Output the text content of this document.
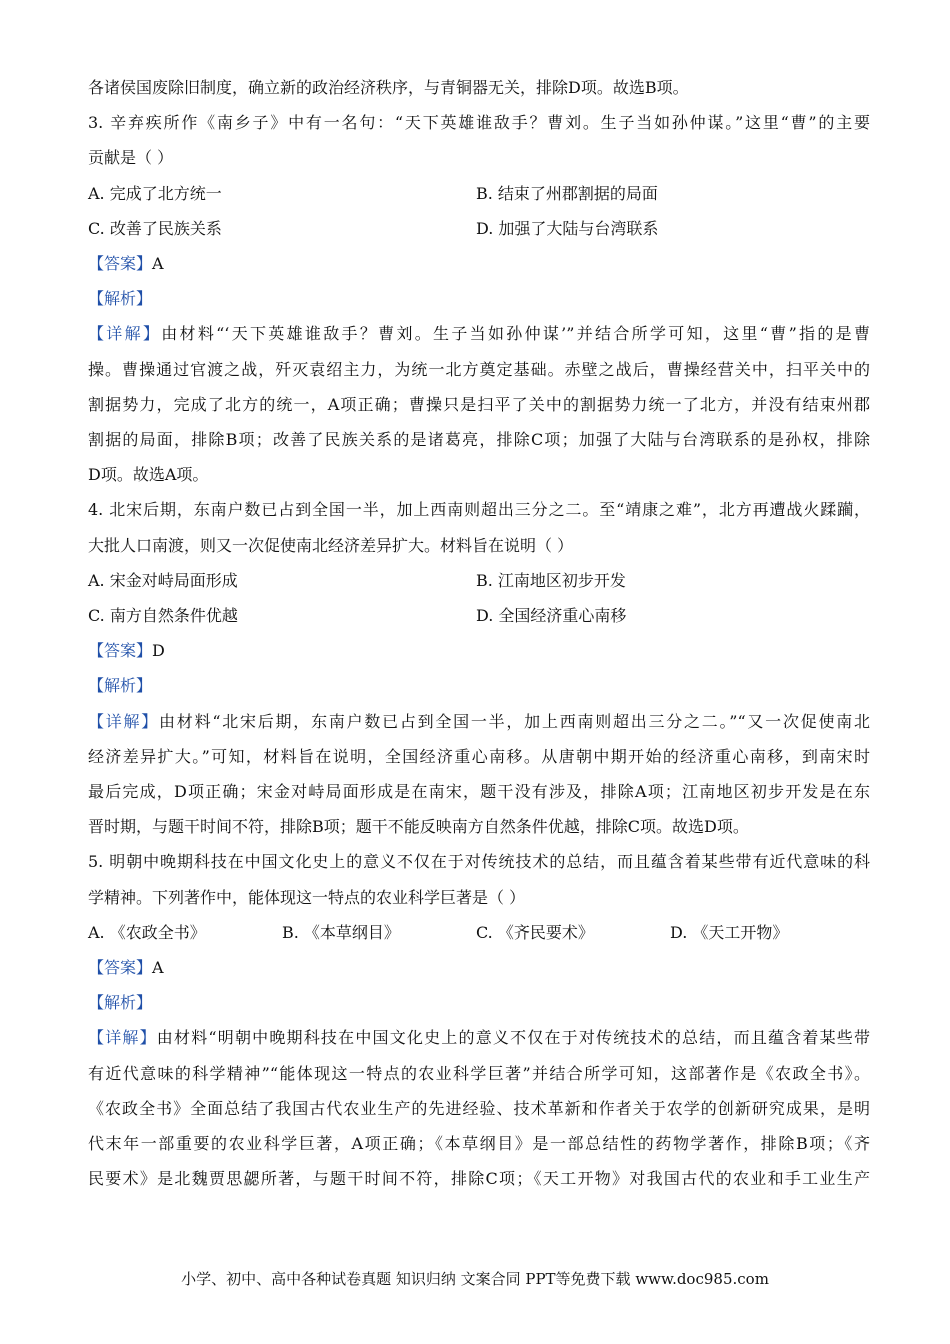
各诸侯国废除旧制度，确立新的政治经济秩序，与青铜器无关，排除D项。故选B项。
3. 辛弃疾所作《南乡子》中有一名句：“天下英雄谁敌手？曹刘。生子当如孙仲谋。”这里“曹”的主要
贡献是（ ）
A. 完成了北方统一	B. 结束了州郡割据的局面
C. 改善了民族关系	D. 加强了大陆与台湾联系
【答案】A
【解析】
【详解】由材料“‘天下英雄谁敌手？曹刘。生子当如孙仲谋’”并结合所学可知，这里“曹”指的是曹
操。曹操通过官渡之战，歼灭袁绍主力，为统一北方奠定基础。赤壁之战后，曹操经营关中，扫平关中的
割据势力，完成了北方的统一，A项正确；曹操只是扫平了关中的割据势力统一了北方，并没有结束州郡
割据的局面，排除B项；改善了民族关系的是诸葛亮，排除C项；加强了大陆与台湾联系的是孙权，排除
D项。故选A项。
4. 北宋后期，东南户数已占到全国一半，加上西南则超出三分之二。至“靖康之难”，北方再遭战火蹂躏，
大批人口南渡，则又一次促使南北经济差异扩大。材料旨在说明（ ）
A. 宋金对峙局面形成	B. 江南地区初步开发
C. 南方自然条件优越	D. 全国经济重心南移
【答案】D
【解析】
【详解】由材料“北宋后期，东南户数已占到全国一半，加上西南则超出三分之二。”“又一次促使南北
经济差异扩大。”可知，材料旨在说明，全国经济重心南移。从唐朝中期开始的经济重心南移，到南宋时
最后完成，D项正确；宋金对峙局面形成是在南宋，题干没有涉及，排除A项；江南地区初步开发是在东
晋时期，与题干时间不符，排除B项；题干不能反映南方自然条件优越，排除C项。故选D项。
5. 明朝中晚期科技在中国文化史上的意义不仅在于对传统技术的总结，而且蕴含着某些带有近代意味的科
学精神。下列著作中，能体现这一特点的农业科学巨著是（ ）
A. 《农政全书》	B. 《本草纲目》	C. 《齐民要术》	D. 《天工开物》
【答案】A
【解析】
【详解】由材料“明朝中晚期科技在中国文化史上的意义不仅在于对传统技术的总结，而且蕴含着某些带
有近代意味的科学精神”“能体现这一特点的农业科学巨著”并结合所学可知，这部著作是《农政全书》。
《农政全书》全面总结了我国古代农业生产的先进经验、技术革新和作者关于农学的创新研究成果，是明
代末年一部重要的农业科学巨著，A项正确；《本草纲目》是一部总结性的药物学著作，排除B项；《齐
民要术》是北魏贾思勰所著，与题干时间不符，排除C项；《天工开物》对我国古代的农业和手工业生产
小学、初中、高中各种试卷真题 知识归纳 文案合同 PPT等免费下载 www.doc985.com
